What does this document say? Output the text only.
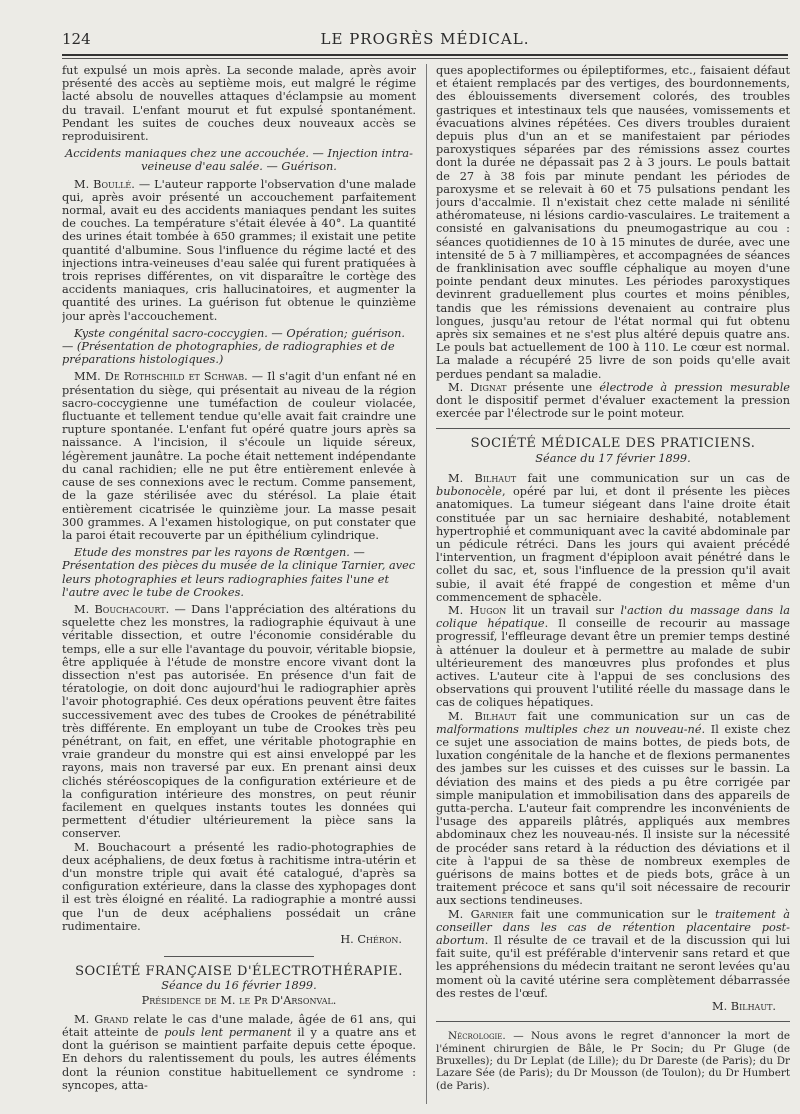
124	LE PROGRÈS MÉDICAL.

fut expulsé un mois après. La seconde malade, après avoir présenté des accès au septième mois, eut malgré le régime lacté absolu de nouvelles attaques d'éclampsie au moment du travail. L'enfant mourut et fut expulsé spontanément. Pendant les suites de couches deux nouveaux accès se reproduisirent.

Accidents maniaques chez une accouchée. — Injection intra-veineuse d'eau salée. — Guérison.

M. Boullé. — L'auteur rapporte l'observation d'une malade qui, après avoir présenté un accouchement parfaitement normal, avait eu des accidents maniaques pendant les suites de couches. La température s'était élevée à 40°. La quantité des urines était tombée à 650 grammes; il existait une petite quantité d'albumine. Sous l'influence du régime lacté et des injections intra-veineuses d'eau salée qui furent pratiquées à trois reprises différentes, on vit disparaître le cortège des accidents maniaques, cris hallucinatoires, et augmenter la quantité des urines. La guérison fut obtenue le quinzième jour après l'accouchement.

Kyste congénital sacro-coccygien. — Opération; guérison. — (Présentation de photographies, de radiographies et de préparations histologiques.)

MM. De Rothschild et Schwab. — Il s'agit d'un enfant né en présentation du siège, qui présentait au niveau de la région sacro-coccygienne une tuméfaction de couleur violacée, fluctuante et tellement tendue qu'elle avait fait craindre une rupture spontanée. L'enfant fut opéré quatre jours après sa naissance. A l'incision, il s'écoule un liquide séreux, légèrement jaunâtre. La poche était nettement indépendante du canal rachidien; elle ne put être entièrement enlevée à cause de ses connexions avec le rectum. Comme pansement, de la gaze stérilisée avec du stérésol. La plaie était entièrement cicatrisée le quinzième jour. La masse pesait 300 grammes. A l'examen histologique, on put constater que la paroi était recouverte par un épithélium cylindrique.

Etude des monstres par les rayons de Rœntgen. — Présentation des pièces du musée de la clinique Tarnier, avec leurs photographies et leurs radiographies faites l'une et l'autre avec le tube de Crookes.

M. Bouchacourt. — Dans l'appréciation des altérations du squelette chez les monstres, la radiographie équivaut à une véritable dissection, et outre l'économie considérable du temps, elle a sur elle l'avantage du pouvoir, véritable biopsie, être appliquée à l'étude de monstre encore vivant dont la dissection n'est pas autorisée. En présence d'un fait de tératologie, on doit donc aujourd'hui le radiographier après l'avoir photographié. Ces deux opérations peuvent être faites successivement avec des tubes de Crookes de pénétrabilité très différente. En employant un tube de Crookes très peu pénétrant, on fait, en effet, une véritable photographie en vraie grandeur du monstre qui est ainsi enveloppé par les rayons, mais non traversé par eux. En prenant ainsi deux clichés stéréoscopiques de la configuration extérieure et de la configuration intérieure des monstres, on peut réunir facilement en quelques instants toutes les données qui permettent d'étudier ultérieurement la pièce sans la conserver.

M. Bouchacourt a présenté les radio-photographies de deux acéphaliens, de deux fœtus à rachitisme intra-utérin et d'un monstre triple qui avait été catalogué, d'après sa configuration extérieure, dans la classe des xyphopages dont il est très éloigné en réalité. La radiographie a montré aussi que l'un de deux acéphaliens possédait un crâne rudimentaire.

H. Chéron.

SOCIÉTÉ FRANÇAISE D'ÉLECTROTHÉRAPIE.

Séance du 16 février 1899.

Présidence de M. le Pr D'Arsonval.

M. Grand relate le cas d'une malade, âgée de 61 ans, qui était atteinte de pouls lent permanent il y a quatre ans et dont la guérison se maintient parfaite depuis cette époque. En dehors du ralentissement du pouls, les autres éléments dont la réunion constitue habituellement ce syndrome : syncopes, atta-

ques apoplectiformes ou épileptiformes, etc., faisaient défaut et étaient remplacés par des vertiges, des bourdonnements, des éblouissements diversement colorés, des troubles gastriques et intestinaux tels que nausées, vomissements et évacuations alvines répétées. Ces divers troubles duraient depuis plus d'un an et se manifestaient par périodes paroxystiques séparées par des rémissions assez courtes dont la durée ne dépassait pas 2 à 3 jours. Le pouls battait de 27 à 38 fois par minute pendant les périodes de paroxysme et se relevait à 60 et 75 pulsations pendant les jours d'accalmie. Il n'existait chez cette malade ni sénilité athéromateuse, ni lésions cardio-vasculaires. Le traitement a consisté en galvanisations du pneumogastrique au cou : séances quotidiennes de 10 à 15 minutes de durée, avec une intensité de 5 à 7 milliampères, et accompagnées de séances de franklinisation avec souffle céphalique au moyen d'une pointe pendant deux minutes. Les périodes paroxystiques devinrent graduellement plus courtes et moins pénibles, tandis que les rémissions devenaient au contraire plus longues, jusqu'au retour de l'état normal qui fut obtenu après six semaines et ne s'est plus altéré depuis quatre ans. Le pouls bat actuellement de 100 à 110. Le cœur est normal. La malade a récupéré 25 livre de son poids qu'elle avait perdues pendant sa maladie.

M. Dignat présente une électrode à pression mesurable dont le dispositif permet d'évaluer exactement la pression exercée par l'électrode sur le point moteur.

SOCIÉTÉ MÉDICALE DES PRATICIENS.

Séance du 17 février 1899.

M. Bilhaut fait une communication sur un cas de bubonocèle, opéré par lui, et dont il présente les pièces anatomiques. La tumeur siégeant dans l'aine droite était constituée par un sac herniaire deshabité, notablement hypertrophié et communiquant avec la cavité abdominale par un pédicule rétréci. Dans les jours qui avaient précédé l'intervention, un fragment d'épiploon avait pénétré dans le collet du sac, et, sous l'influence de la pression qu'il avait subie, il avait été frappé de congestion et même d'un commencement de sphacèle.

M. Hugon lit un travail sur l'action du massage dans la colique hépatique. Il conseille de recourir au massage progressif, l'effleurage devant être un premier temps destiné à atténuer la douleur et à permettre au malade de subir ultérieurement des manœuvres plus profondes et plus actives. L'auteur cite à l'appui de ses conclusions des observations qui prouvent l'utilité réelle du massage dans le cas de coliques hépatiques.

M. Bilhaut fait une communication sur un cas de malformations multiples chez un nouveau-né. Il existe chez ce sujet une association de mains bottes, de pieds bots, de luxation congénitale de la hanche et de flexions permanentes des jambes sur les cuisses et des cuisses sur le bassin. La déviation des mains et des pieds a pu être corrigée par simple manipulation et immobilisation dans des appareils de gutta-percha. L'auteur fait comprendre les inconvénients de l'usage des appareils plâtrés, appliqués aux membres abdominaux chez les nouveau-nés. Il insiste sur la nécessité de procéder sans retard à la réduction des déviations et il cite à l'appui de sa thèse de nombreux exemples de guérisons de mains bottes et de pieds bots, grâce à un traitement précoce et sans qu'il soit nécessaire de recourir aux sections tendineuses.

M. Garnier fait une communication sur le traitement à conseiller dans les cas de rétention placentaire post-abortum. Il résulte de ce travail et de la discussion qui lui fait suite, qu'il est préférable d'intervenir sans retard et que les appréhensions du médecin traitant ne seront levées qu'au moment où la cavité utérine sera complètement débarrassée des restes de l'œuf.

M. Bilhaut.

Nécrologie. — Nous avons le regret d'annoncer la mort de l'éminent chirurgien de Bâle, le Pr Socin; du Pr Gluge (de Bruxelles); du Dr Leplat (de Lille); du Dr Dareste (de Paris); du Dr Lazare Sée (de Paris); du Dr Mousson (de Toulon); du Dr Humbert (de Paris).
